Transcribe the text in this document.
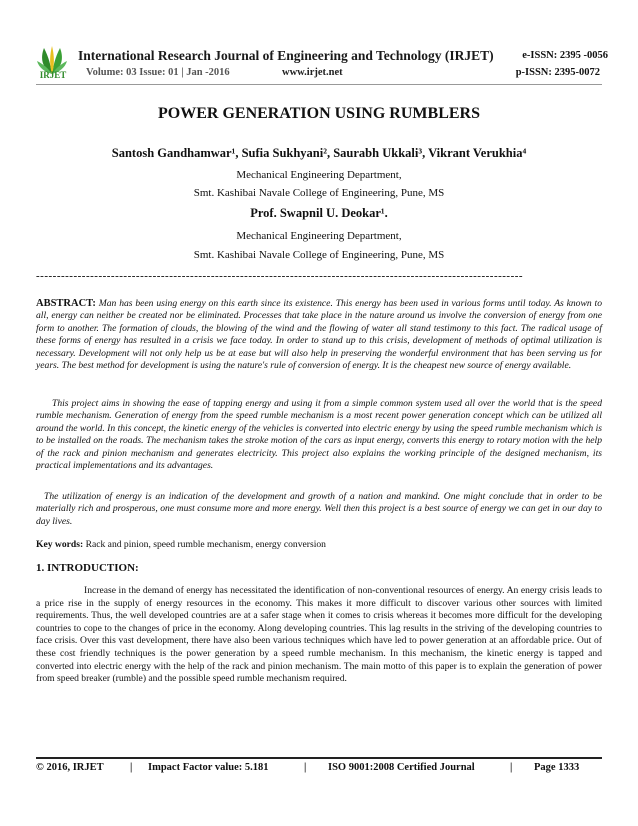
IRJET
International Research Journal of Engineering and Technology (IRJET)	e-ISSN: 2395 -0056
Volume: 03 Issue: 01 | Jan -2016	www.irjet.net	p-ISSN: 2395-0072
POWER GENERATION USING RUMBLERS
Santosh Gandhamwar¹, Sufia Sukhyani², Saurabh Ukkali³, Vikrant Verukhia⁴
Mechanical Engineering Department,
Smt. Kashibai Navale College of Engineering, Pune, MS
Prof. Swapnil U. Deokar¹.
Mechanical Engineering Department,
Smt. Kashibai Navale College of Engineering, Pune, MS
---------------------------------------------------------------------------------------------------------------------
ABSTRACT: Man has been using energy on this earth since its existence. This energy has been used in various forms until today. As known to all, energy can neither be created nor be eliminated. Processes that take place in the nature around us involve the conversion of energy from one form to another. The formation of clouds, the blowing of the wind and the flowing of water all stand testimony to this fact. The radical usage of these forms of energy has resulted in a crisis we face today. In order to stand up to this crisis, development of methods of optimal utilization is necessary. Development will not only help us be at ease but will also help in preserving the wonderful environment that has been serving us for years. The best method for development is using the nature's rule of conversion of energy. It is the cheapest new source of energy available.
This project aims in showing the ease of tapping energy and using it from a simple common system used all over the world that is the speed rumble mechanism. Generation of energy from the speed rumble mechanism is a most recent power generation concept which can be utilized all around the world. In this concept, the kinetic energy of the vehicles is converted into electric energy by using the speed rumble mechanism which is to be installed on the roads. The mechanism takes the stroke motion of the cars as input energy, converts this energy to rotary motion with the help of the rack and pinion mechanism and generates electricity. This project also explains the working principle of the designed mechanism, its practical implementations and its advantages.
The utilization of energy is an indication of the development and growth of a nation and mankind. One might conclude that in order to be materially rich and prosperous, one must consume more and more energy. Well then this project is a best source of energy we can get in our day to day lives.
Key words: Rack and pinion, speed rumble mechanism, energy conversion
1. INTRODUCTION:
Increase in the demand of energy has necessitated the identification of non-conventional resources of energy. An energy crisis leads to a price rise in the supply of energy resources in the economy. This makes it more difficult to discover various other sources with limited requirements. Thus, the well developed countries are at a safer stage when it comes to crisis whereas it becomes more difficult for the developing countries to cope to the changes of price in the economy. Along developing countries. This lag results in the striving of the developing countries to face crisis. Over this vast development, there have also been various techniques which have led to power generation at an affordable price. Out of these cost friendly techniques is the power generation by a speed rumble mechanism. In this mechanism, the kinetic energy is tapped and converted into electric energy with the help of the rack and pinion mechanism. The main motto of this paper is to explain the generation of power from speed breaker (rumble) and the possible speed rumble mechanism required.
© 2016, IRJET	| Impact Factor value: 5.181	| ISO 9001:2008 Certified Journal	| Page 1333
